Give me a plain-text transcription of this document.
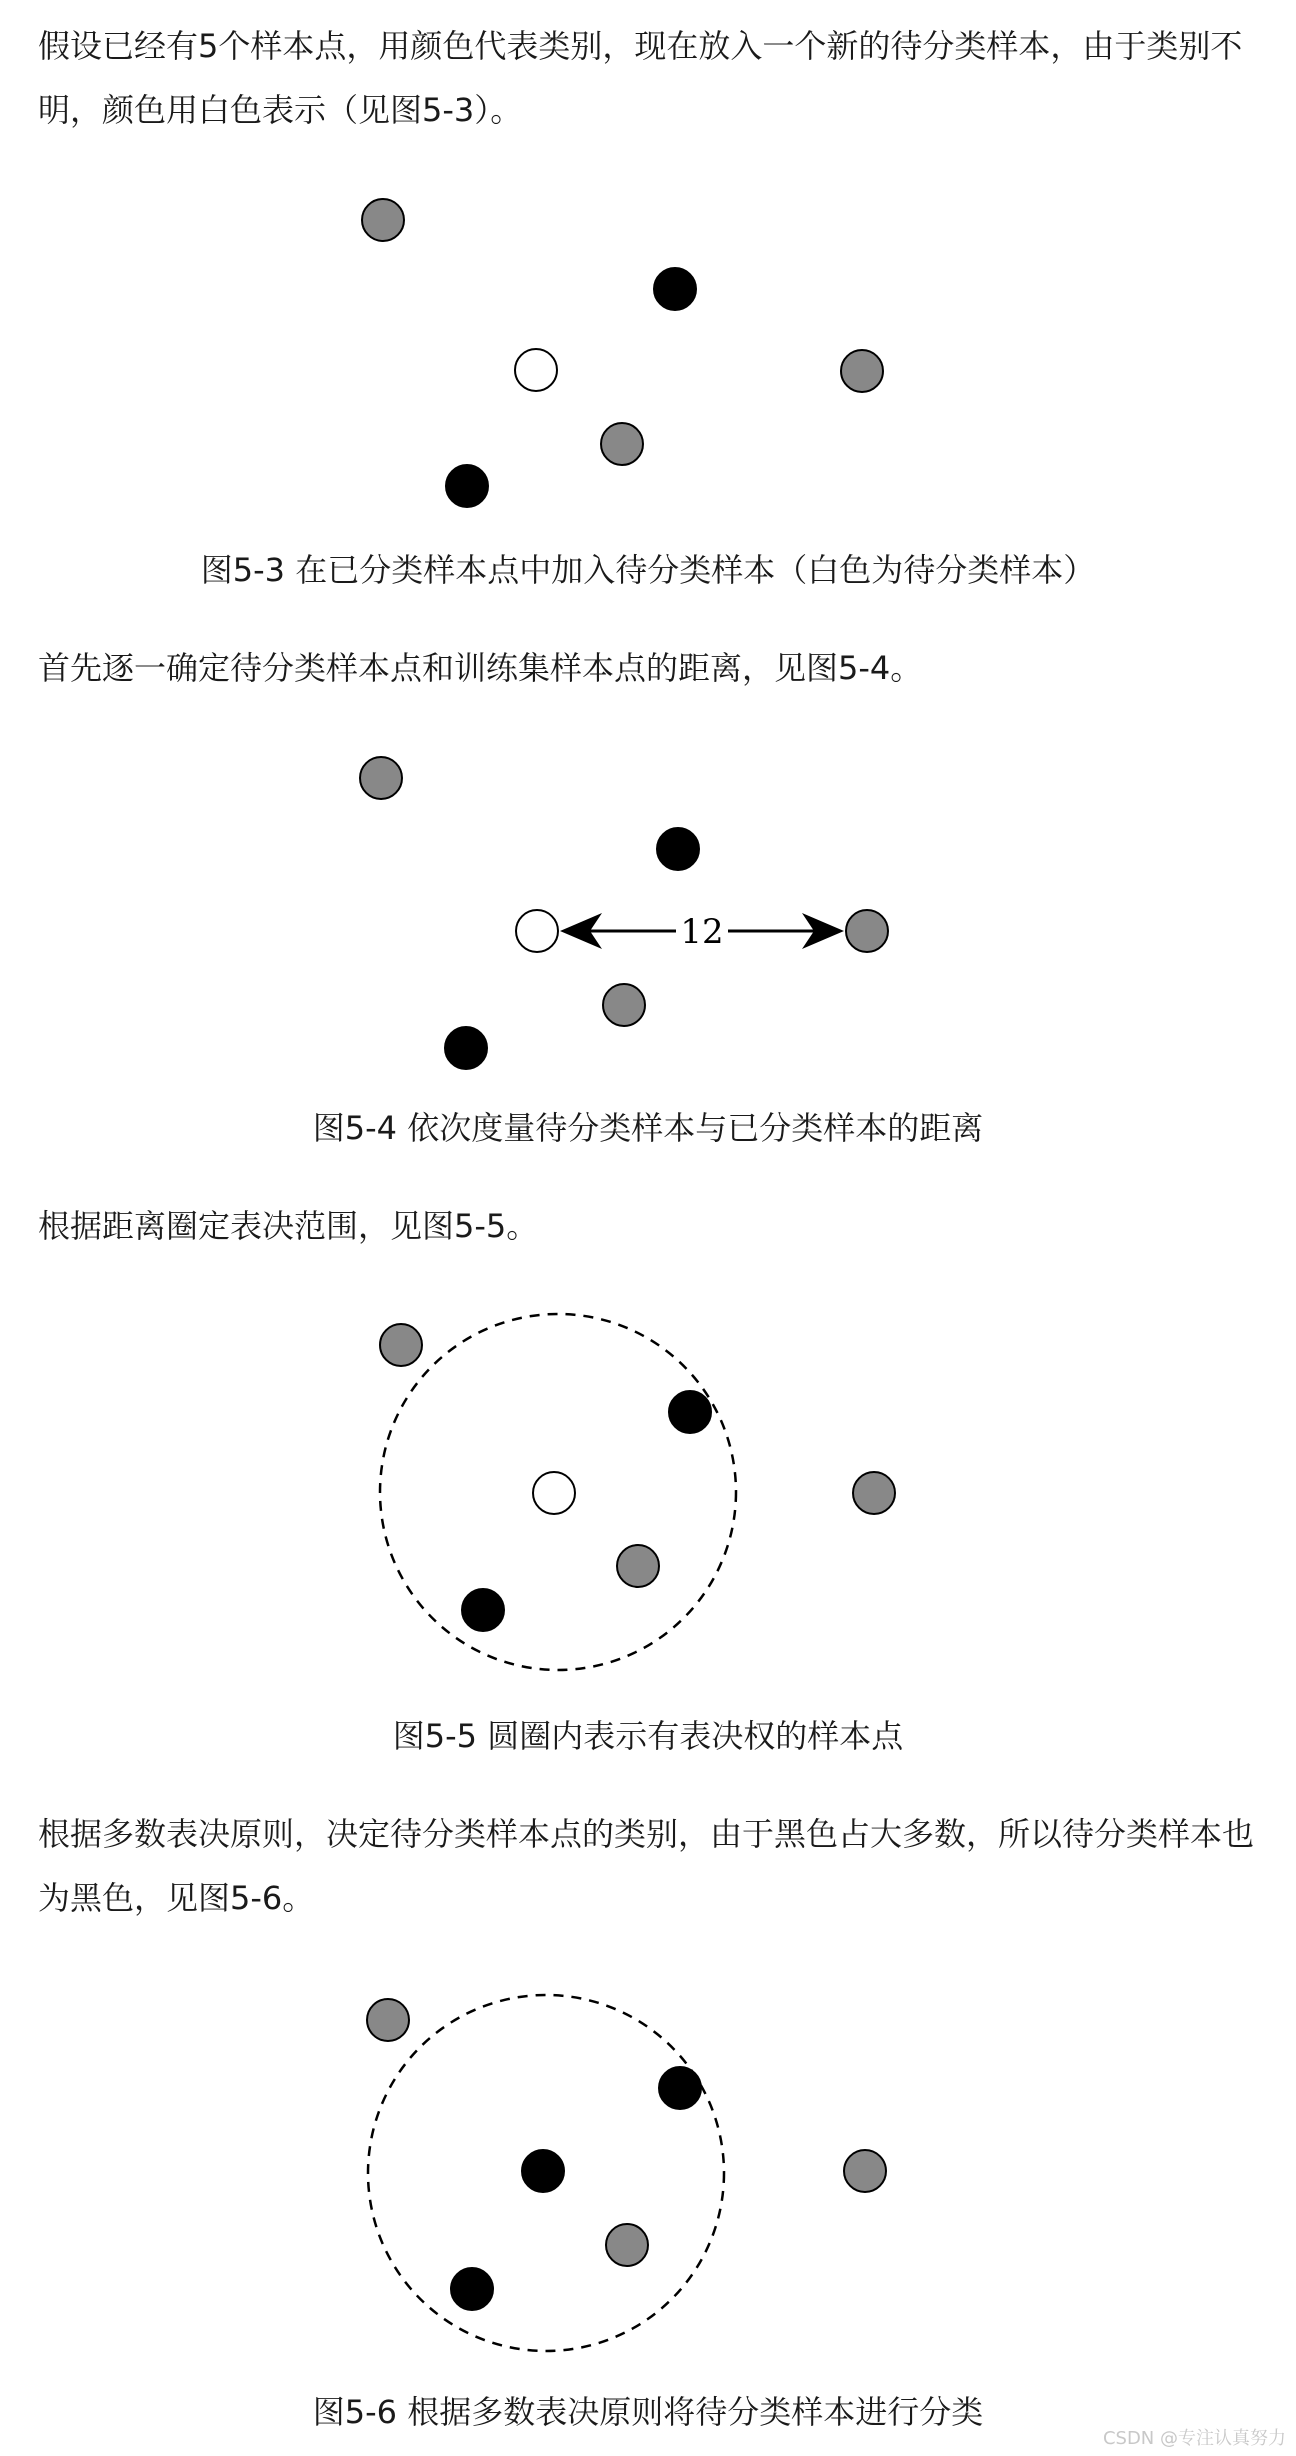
假设已经有5个样本点，用颜色代表类别，现在放入一个新的待分类样本，由于类别不明，颜色用白色表示（见图5-3）。

图5-3 在已分类样本点中加入待分类样本（白色为待分类样本）

首先逐一确定待分类样本点和训练集样本点的距离，见图5-4。

12

图5-4 依次度量待分类样本与已分类样本的距离

根据距离圈定表决范围，见图5-5。

图5-5 圆圈内表示有表决权的样本点

根据多数表决原则，决定待分类样本点的类别，由于黑色占大多数，所以待分类样本也为黑色，见图5-6。

图5-6 根据多数表决原则将待分类样本进行分类

CSDN @专注认真努力
